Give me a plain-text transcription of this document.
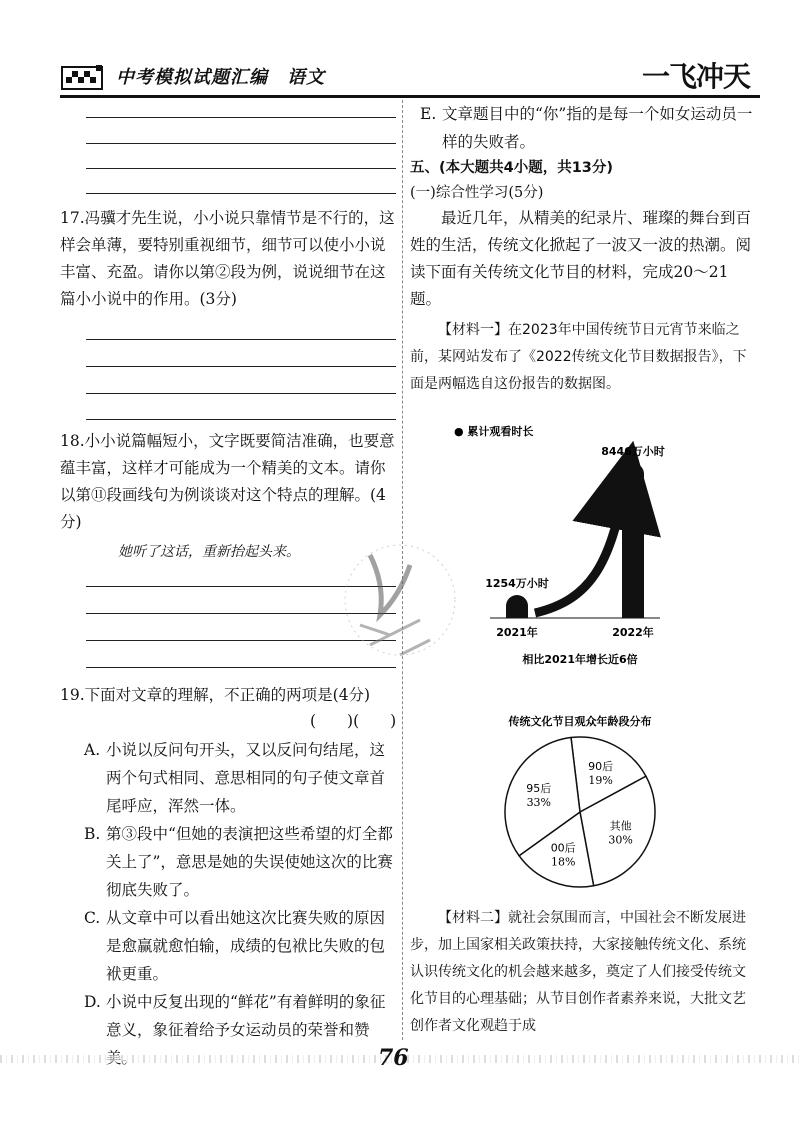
中考模拟试题汇编　语文	一飞冲天
17.冯骥才先生说，小小说只靠情节是不行的，这样会单薄，要特别重视细节，细节可以使小小说丰富、充盈。请你以第②段为例，说说细节在这篇小小说中的作用。(3分)
18.小小说篇幅短小，文字既要简洁准确，也要意蕴丰富，这样才可能成为一个精美的文本。请你以第⑪段画线句为例谈谈对这个特点的理解。(4分)
她听了这话，重新抬起头来。
19.下面对文章的理解，不正确的两项是(4分)
(　　)(　　)
A. 小说以反问句开头，又以反问句结尾，这两个句式相同、意思相同的句子使文章首尾呼应，浑然一体。
B. 第③段中“但她的表演把这些希望的灯全都关上了”，意思是她的失误使她这次的比赛彻底失败了。
C. 从文章中可以看出她这次比赛失败的原因是愈赢就愈怕输，成绩的包袱比失败的包袱更重。
D. 小说中反复出现的“鲜花”有着鲜明的象征意义，象征着给予女运动员的荣誉和赞
E. 文章题目中的“你”指的是每一个如女运动员一样的失败者。
五、(本大题共4小题，共13分)
(一)综合性学习(5分)
最近几年，从精美的纪录片、璀璨的舞台到百姓的生活，传统文化掀起了一波又一波的热潮。阅读下面有关传统文化节目的材料，完成20～21题。
【材料一】在2023年中国传统节日元宵节来临之前，某网站发布了《2022传统文化节目数据报告》，下面是两幅选自这份报告的数据图。
● 累计观看时长
1254万小时
2021年
8446万小时
2022年
相比2021年增长近6倍
传统文化节目观众年龄段分布
90后
19%
其他
30%
00后
18%
95后
33%
【材料二】就社会氛围而言，中国社会不断发展进步，加上国家相关政策扶持，大家接触传统文化、系统认识传统文化的机会越来越多，奠定了人们接受传统文化节目的心理基础；从节目创作者素养来说，大批文艺创作者文化观趋于成
76
